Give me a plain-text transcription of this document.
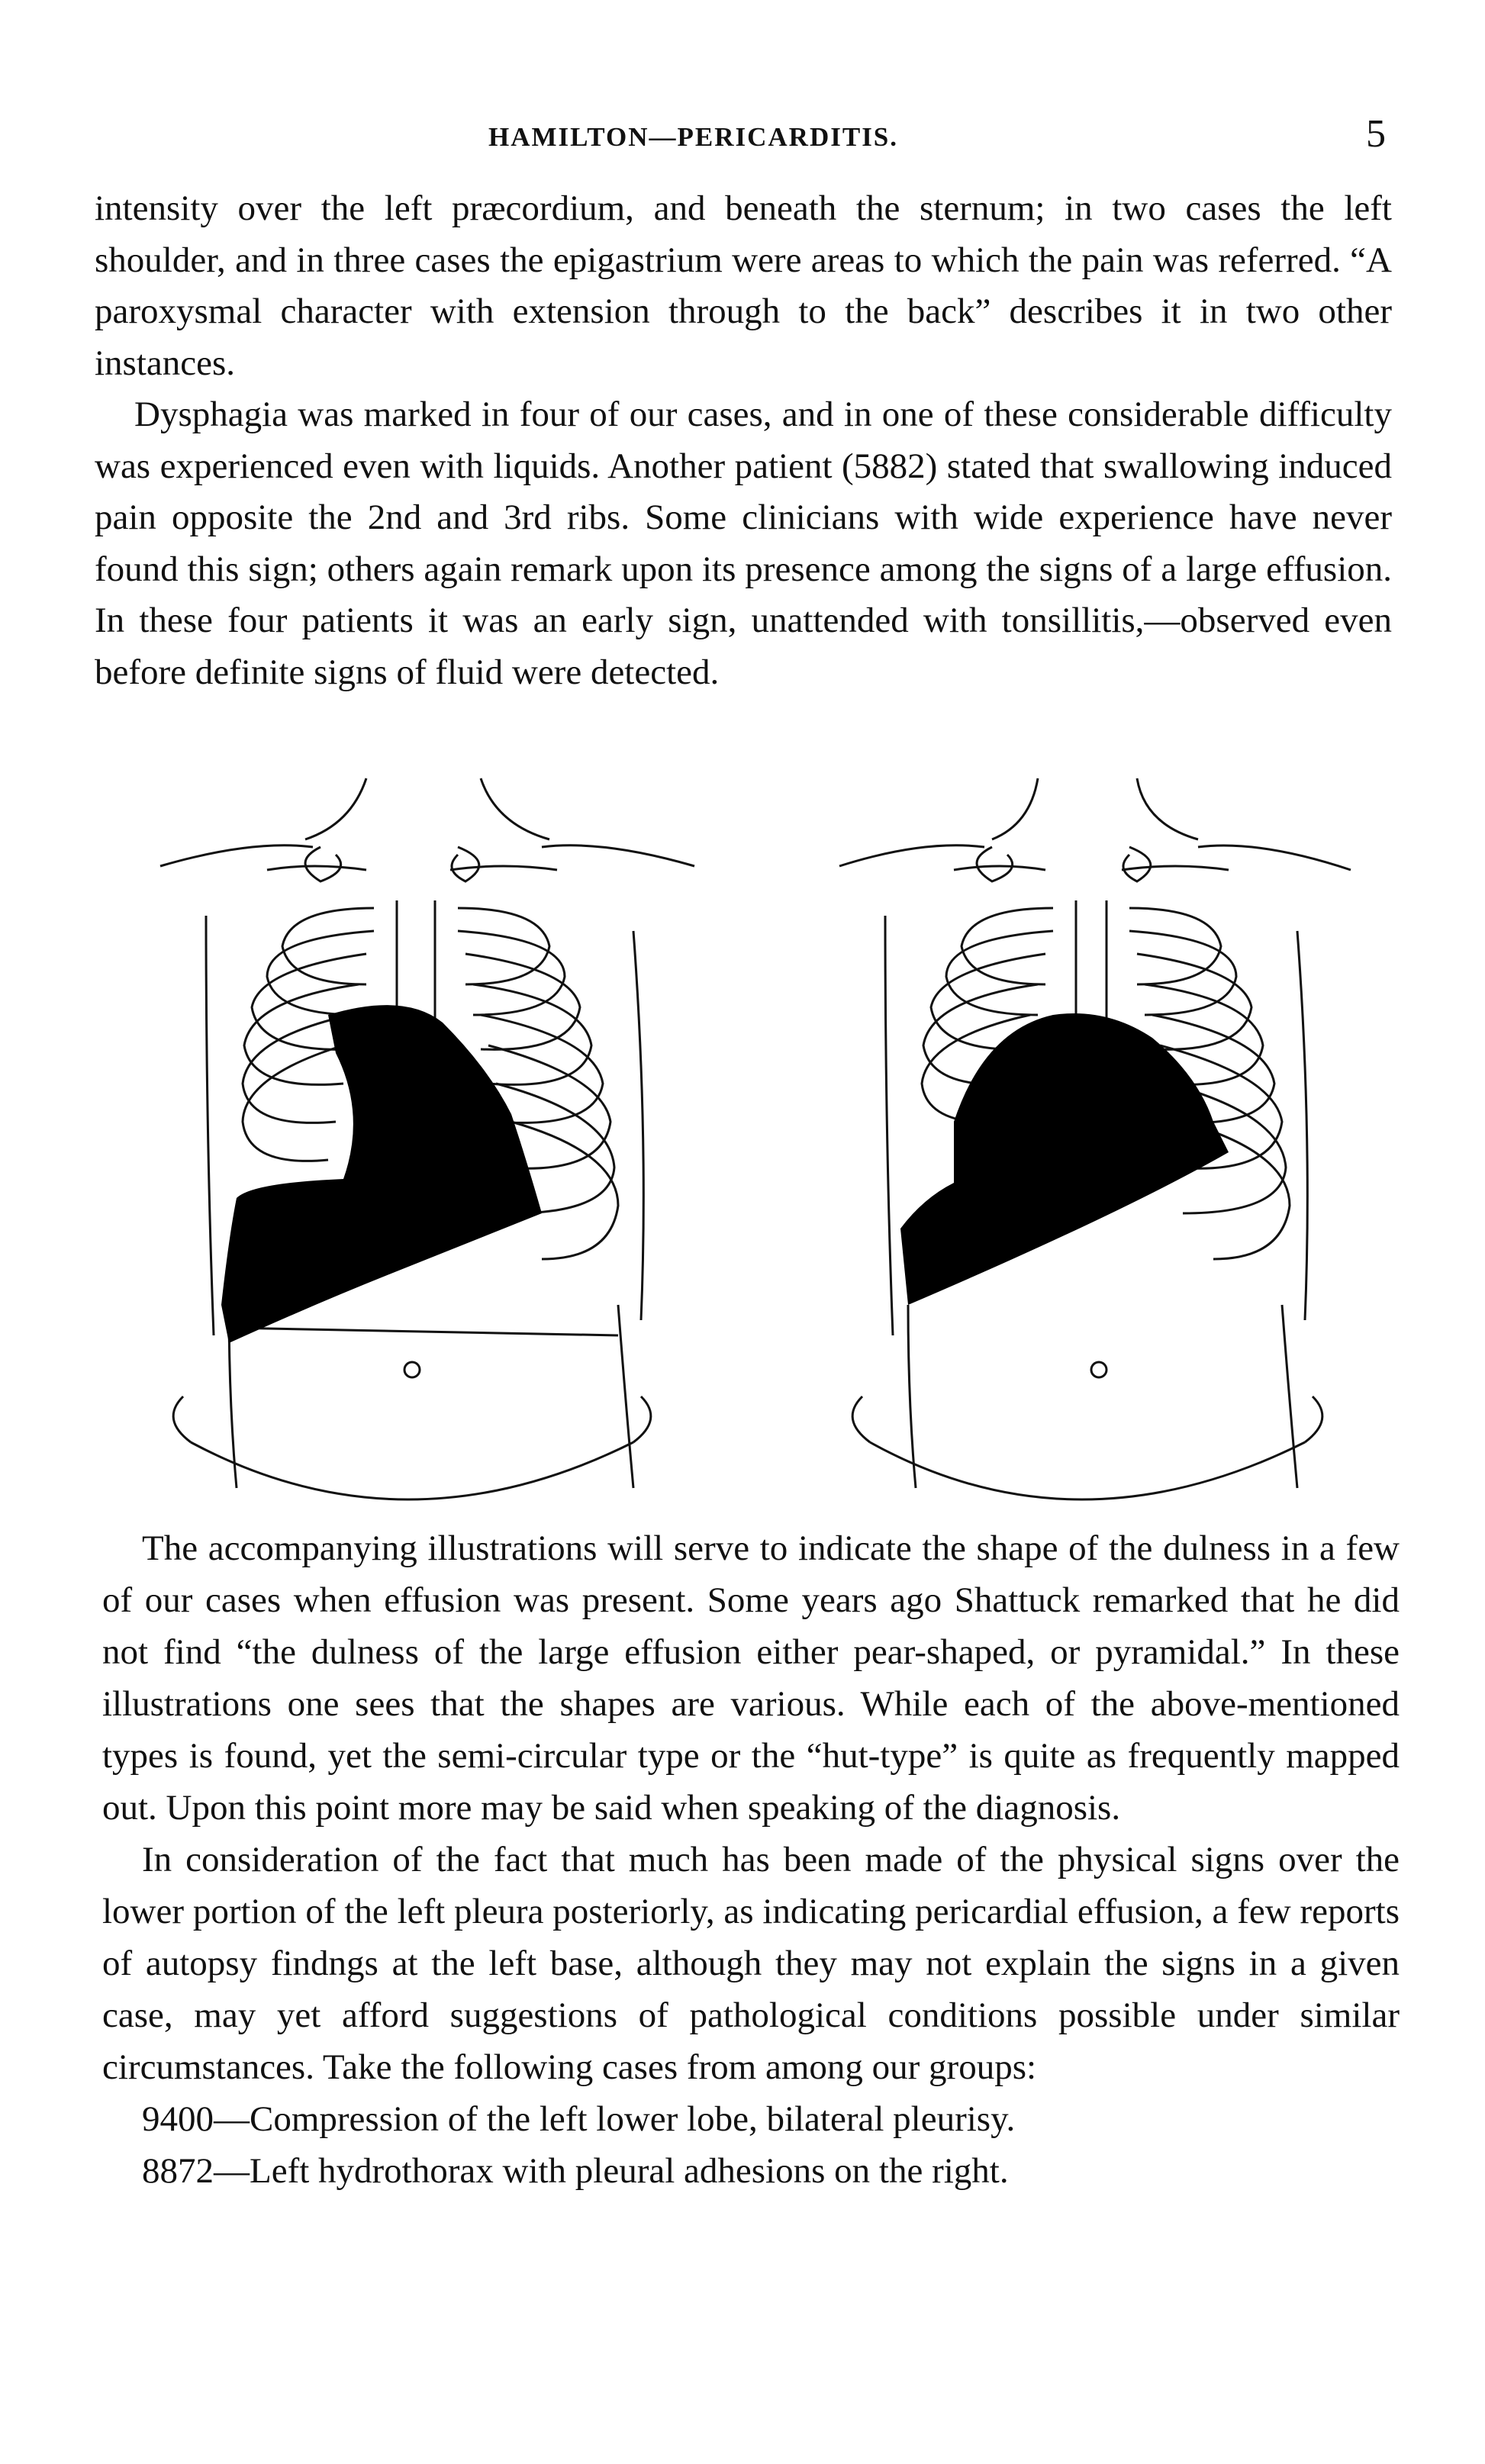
HAMILTON—PERICARDITIS.	5

intensity over the left præcordium, and beneath the sternum; in two cases the left shoulder, and in three cases the epigastrium were areas to which the pain was referred. “A paroxysmal character with extension through to the back” describes it in two other instances.

Dysphagia was marked in four of our cases, and in one of these considerable difficulty was experienced even with liquids. Another patient (5882) stated that swallowing induced pain opposite the 2nd and 3rd ribs. Some clinicians with wide experience have never found this sign; others again remark upon its presence among the signs of a large effusion. In these four patients it was an early sign, unattended with tonsillitis,—observed even before definite signs of fluid were detected.

The accompanying illustrations will serve to indicate the shape of the dulness in a few of our cases when effusion was present. Some years ago Shattuck remarked that he did not find “the dulness of the large effusion either pear-shaped, or pyramidal.” In these illustrations one sees that the shapes are various. While each of the above-mentioned types is found, yet the semi-circular type or the “hut-type” is quite as frequently mapped out. Upon this point more may be said when speaking of the diagnosis.

In consideration of the fact that much has been made of the physical signs over the lower portion of the left pleura posteriorly, as indicating pericardial effusion, a few reports of autopsy findngs at the left base, although they may not explain the signs in a given case, may yet afford suggestions of pathological conditions possible under similar circumstances. Take the following cases from among our groups:

9400—Compression of the left lower lobe, bilateral pleurisy.

8872—Left hydrothorax with pleural adhesions on the right.
